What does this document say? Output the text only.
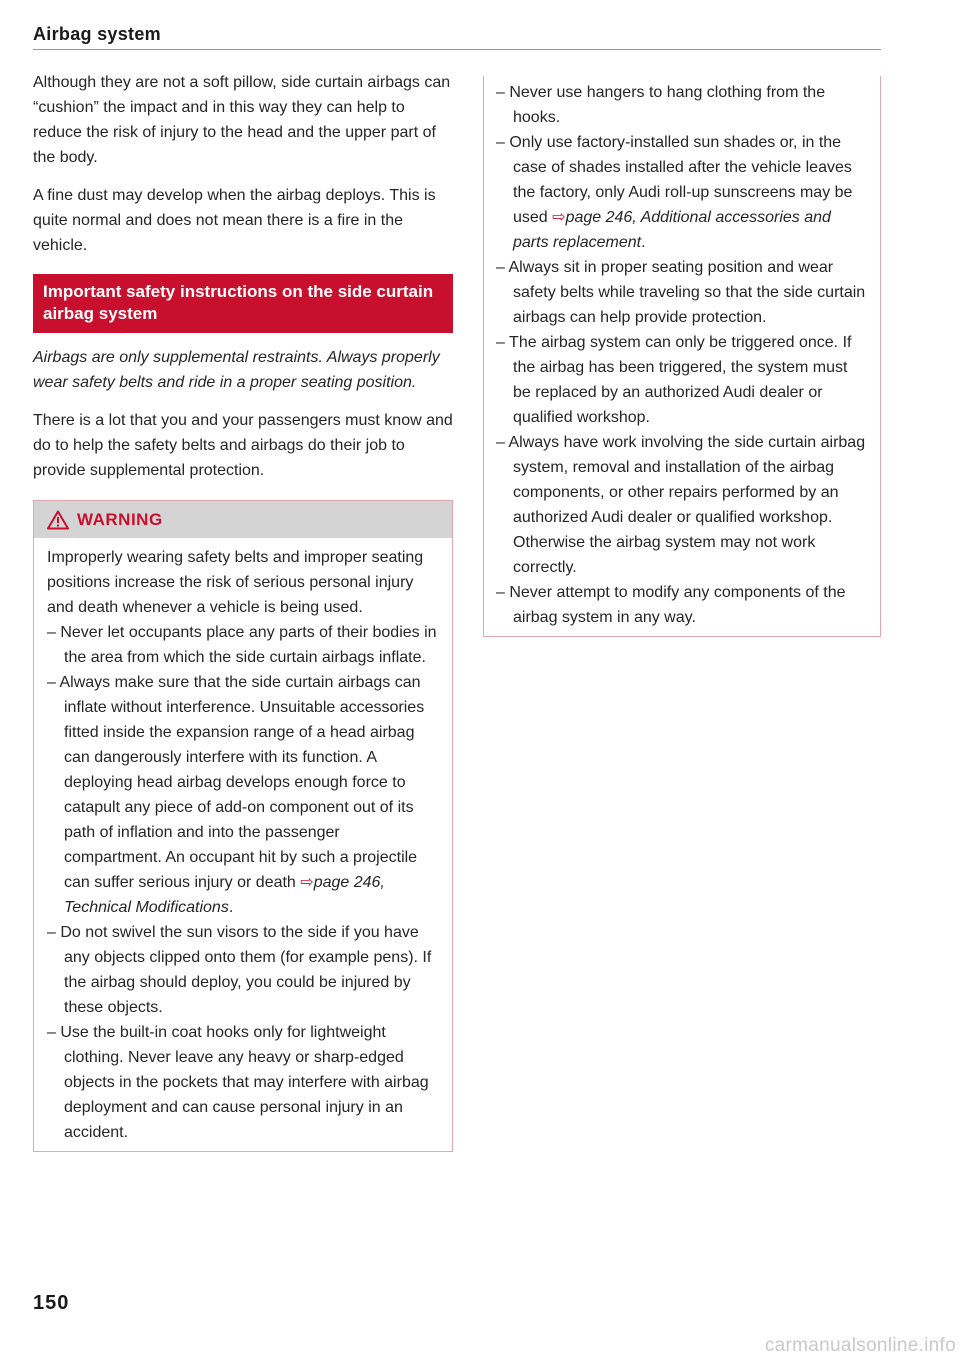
Airbag system

Although they are not a soft pillow, side curtain airbags can “cushion” the impact and in this way they can help to reduce the risk of injury to the head and the upper part of the body.

A fine dust may develop when the airbag deploys. This is quite normal and does not mean there is a fire in the vehicle.

Important safety instructions on the side curtain airbag system

Airbags are only supplemental restraints. Always properly wear safety belts and ride in a proper seating position.

There is a lot that you and your passengers must know and do to help the safety belts and airbags do their job to provide supplemental protection.

WARNING

Improperly wearing safety belts and improper seating positions increase the risk of serious personal injury and death whenever a vehicle is being used.

– Never let occupants place any parts of their bodies in the area from which the side curtain airbags inflate.

– Always make sure that the side curtain airbags can inflate without interference. Unsuitable accessories fitted inside the expansion range of a head airbag can dangerously interfere with its function. A deploying head airbag develops enough force to catapult any piece of add-on component out of its path of inflation and into the passenger compartment. An occupant hit by such a projectile can suffer serious injury or death ⇨page 246, Technical Modifications.

– Do not swivel the sun visors to the side if you have any objects clipped onto them (for example pens). If the airbag should deploy, you could be injured by these objects.

– Use the built-in coat hooks only for lightweight clothing. Never leave any heavy or sharp-edged objects in the pockets that may interfere with airbag deployment and can cause personal injury in an accident.

– Never use hangers to hang clothing from the hooks.

– Only use factory-installed sun shades or, in the case of shades installed after the vehicle leaves the factory, only Audi roll-up sunscreens may be used ⇨page 246, Additional accessories and parts replacement.

– Always sit in proper seating position and wear safety belts while traveling so that the side curtain airbags can help provide protection.

– The airbag system can only be triggered once. If the airbag has been triggered, the system must be replaced by an authorized Audi dealer or qualified workshop.

– Always have work involving the side curtain airbag system, removal and installation of the airbag components, or other repairs performed by an authorized Audi dealer or qualified workshop. Otherwise the airbag system may not work correctly.

– Never attempt to modify any components of the airbag system in any way.

150
carmanualsonline.info
